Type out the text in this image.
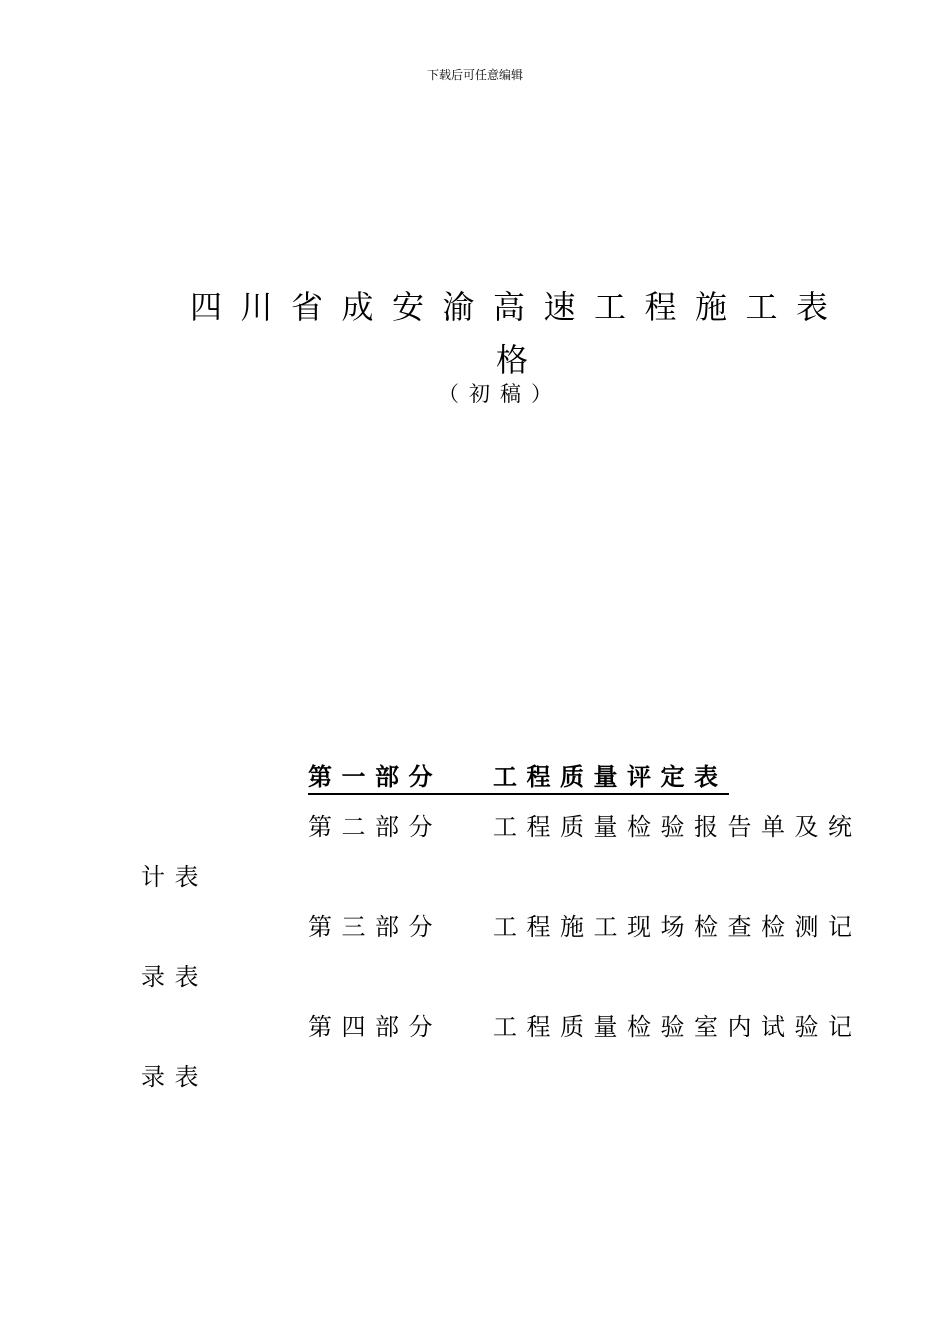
下载后可任意编辑
四川省成安渝高速工程施工表
格
（初稿）
第一部分 工程质量评定表
第二部分 工程质量检验报告单及统
计表
第三部分 工程施工现场检查检测记
录表
第四部分 工程质量检验室内试验记
录表
